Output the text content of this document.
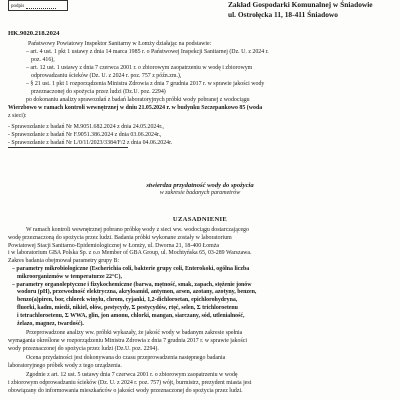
podpis	Zakład Gospodarki Komunalnej w Śniadowie
ul. Ostrołęcka 11, 18-411 Śniadowo
HK.9020.218.2024
Państwowy Powiatowy Inspektor Sanitarny w Łomży działając na podstawie:
– art. 4 ust. 1 pkt 1 ustawy z dnia 14 marca 1985 r. o Państwowej Inspekcji Sanitarnej (Dz. U. z 2024 r.
poz. 416),
– art. 12 ust. 1 ustawy z dnia 7 czerwca 2001 r. o zbiorowym zaopatrzeniu w wodę i zbiorowym
odprowadzaniu ścieków (Dz. U. z 2024 r. poz. 757 z późn.zm.),
– § 21 ust. 1 pkt 1 rozporządzenia Ministra Zdrowia z dnia 7 grudnia 2017 r. w sprawie jakości wody
przeznaczonej do spożycia przez ludzi (Dz.U. poz. 2294)
po dokonaniu analizy sprawozdań z badań laboratoryjnych próbki wody pobranej z wodociągu
Wierzbowo w ramach kontroli wewnętrznej w dniu 21.05.2024 r. w budynku Szczepankowo 85 (woda
z sieci):
- Sprawozdanie z badań Nr M.9051.682.2024 z dnia 24.05.2024r.,
- Sprawozdanie z badań Nr F.9051.386.2024 z dnia 03.06.2024r.,
- Sprawozdanie z badań Nr L/0/11/2023/3384/F/2 z dnia 04.06.2024r.
stwierdza przydatność wody do spożycia
w zakresie badanych parametrów
UZASADNIENIE
W ramach kontroli wewnętrznej pobrano próbkę wody z sieci ww. wodociągu dostarczającego
wodę przeznaczoną do spożycia przez ludzi. Badania próbki wykonane zostały w laboratorium
Powiatowej Stacji Sanitarno-Epidemiologicznej w Łomży, ul. Dworna 21, 18-400 Łomża
i w laboratorium GBA Polska Sp. z o.o Member of GBA Group, ul. Mochtyńska 65, 03-289 Warszawa.
Zakres badania obejmował parametry grupy B:
– parametry mikrobiologiczne (Escherichia coli, bakterie grupy coli, Enterokoki, ogólna liczba
mikroorganizmów w temperaturze 22°C),
– parametry organoleptyczne i fizykochemiczne (barwa, mętność, smak, zapach, stężenie jonów
wodoru (pH), przewodność elektryczna, akryloamid, antymon, arsen, azotany, azotyny, benzen,
benzo(a)piren, bor, chlorek winylu, chrom, cyjanki, 1,2-dichloroetan, epichlorohydryna,
fluorki, kadm, miedź, nikiel, ołów, pestycydy, Σ pestycydów, rtęć, selen, Σ trichloroetenu
i tetrachloroetenu, Σ WWA, glin, jon amonu, chlorki, mangan, siarczany, sód, utlenialność,
żelazo, magnez, twardość).
Przeprowadzone analizy ww. próbki wykazały, że jakość wody w badanym zakresie spełnia
wymagania określone w rozporządzeniu Ministra Zdrowia z dnia 7 grudnia 2017 r. w sprawie jakości
wody przeznaczonej do spożycia przez ludzi (Dz.U. poz. 2294).
Ocena przydatności jest dokonywana do czasu przeprowadzenia następnego badania
laboratoryjnego próbek wody z tego urządzenia.
Zgodnie z art. 12 ust. 5 ustawy dnia 7 czerwca 2001 r. o zbiorowym zaopatrzeniu w wodę
i zbiorowym odprowadzaniu ścieków (Dz. U. z 2024 r. poz. 757) wójt, burmistrz, prezydent miasta jest
obowiązany do informowania mieszkańców o jakości wody przeznaczonej do spożycia przez ludzi.
